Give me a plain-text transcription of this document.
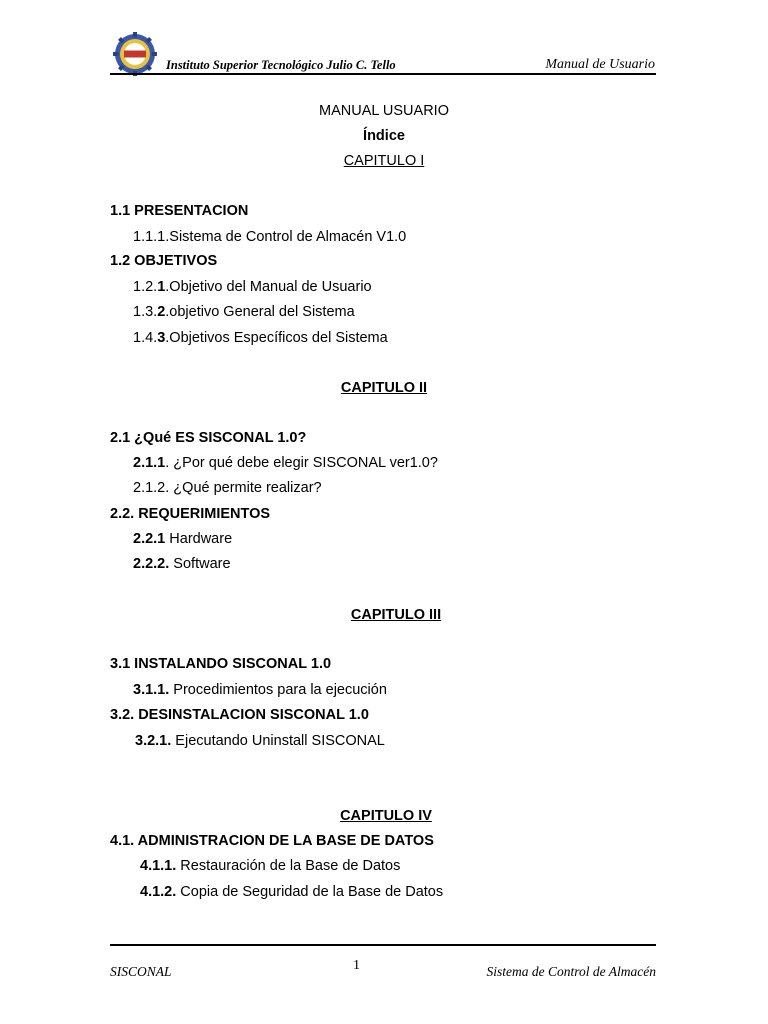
Instituto Superior Tecnológico Julio C. Tello	Manual de Usuario
MANUAL USUARIO
Índice
CAPITULO I
1.1 PRESENTACION
1.1.1.Sistema de Control de Almacén V1.0
1.2 OBJETIVOS
1.2.1.Objetivo del Manual de Usuario
1.3.2.objetivo General del Sistema
1.4.3.Objetivos Específicos del Sistema
CAPITULO II
2.1 ¿Qué ES SISCONAL 1.0?
2.1.1. ¿Por qué debe elegir SISCONAL ver1.0?
2.1.2. ¿Qué permite realizar?
2.2. REQUERIMIENTOS
2.2.1 Hardware
2.2.2. Software
CAPITULO III
3.1 INSTALANDO SISCONAL 1.0
3.1.1. Procedimientos para la ejecución
3.2. DESINSTALACION SISCONAL 1.0
3.2.1. Ejecutando Uninstall SISCONAL
CAPITULO IV
4.1. ADMINISTRACION DE LA BASE DE DATOS
4.1.1. Restauración de la Base de Datos
4.1.2. Copia de Seguridad de la Base de Datos
SISCONAL	1	Sistema de Control de Almacén
